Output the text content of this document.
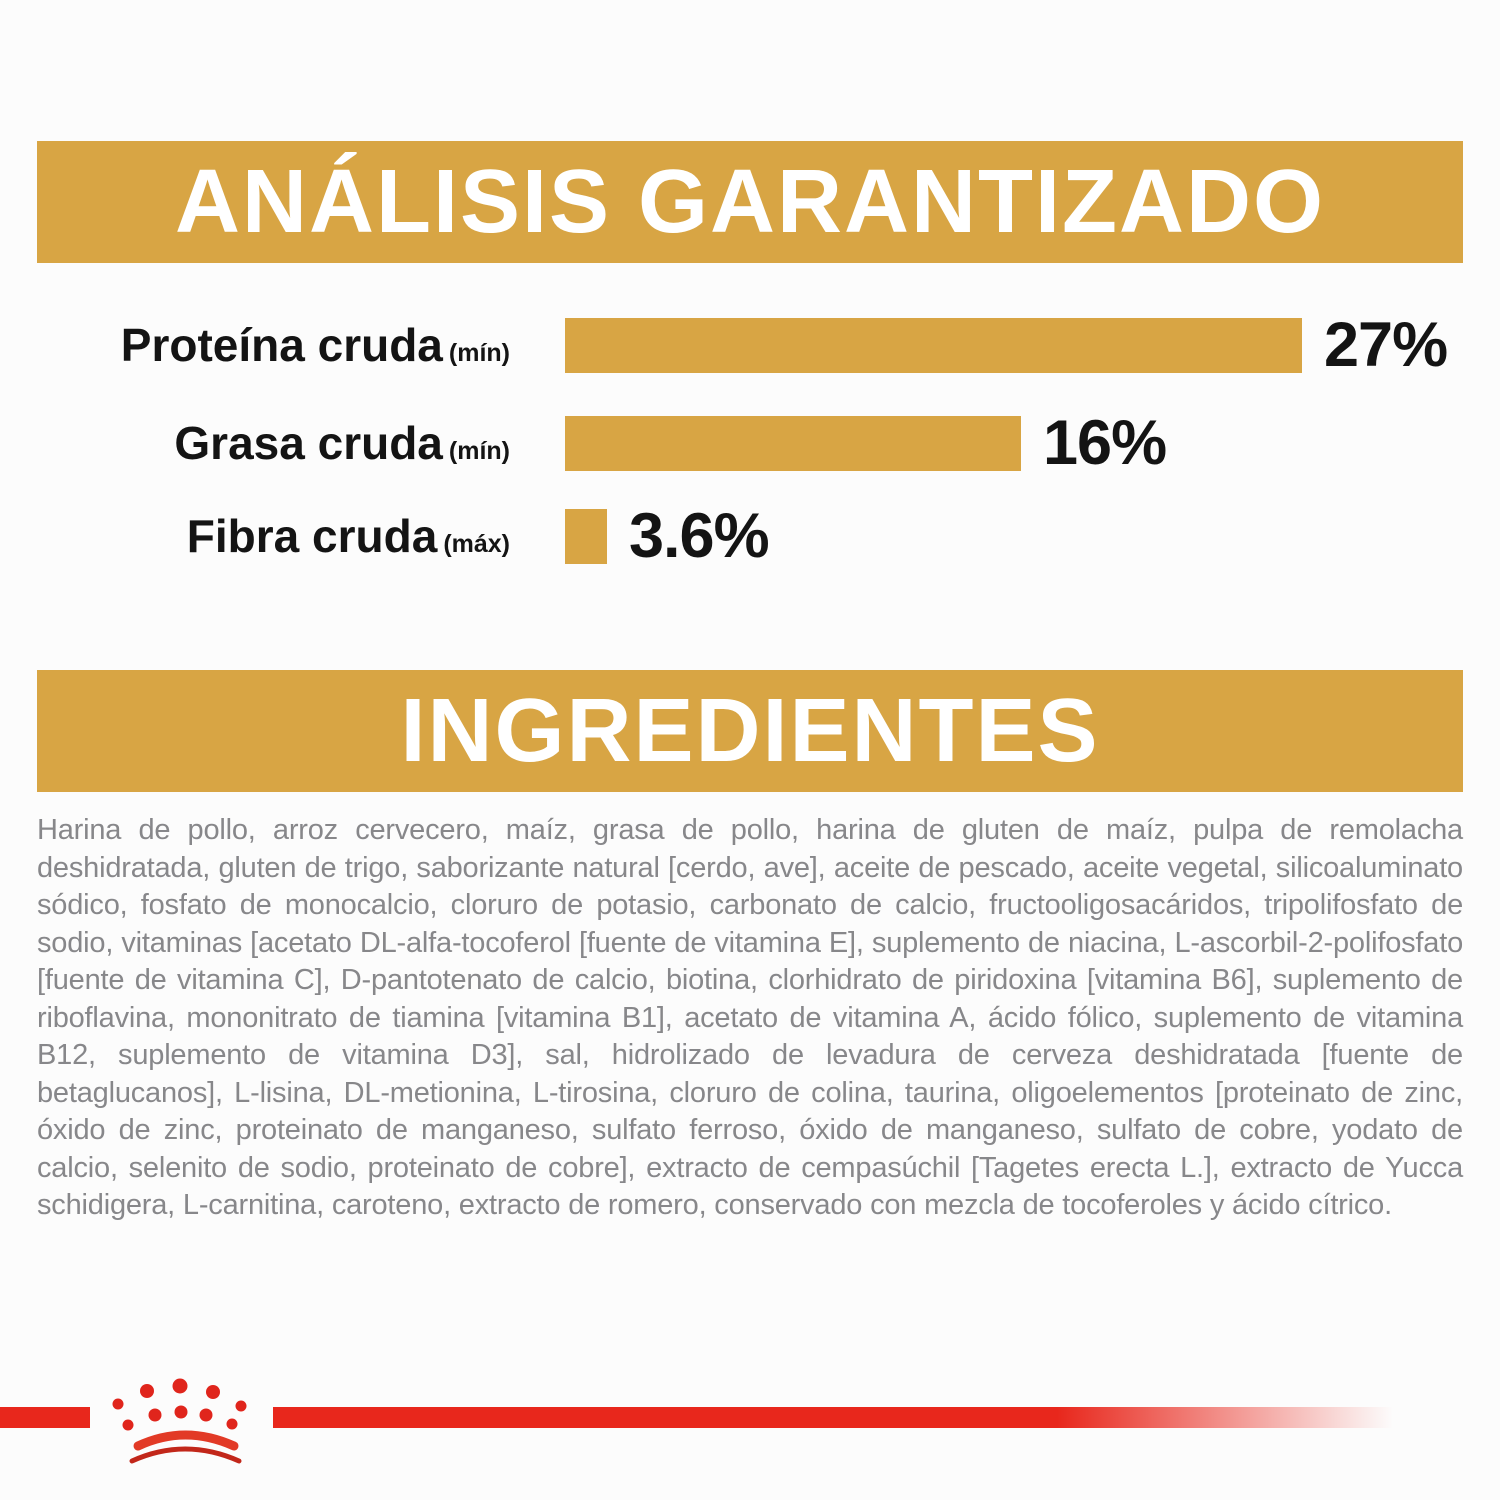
ANÁLISIS GARANTIZADO
Proteína cruda (mín)	27%
Grasa cruda (mín)	16%
Fibra cruda (máx) 3.6%
INGREDIENTES

Harina de pollo, arroz cervecero, maíz, grasa de pollo, harina de gluten de maíz, pulpa de remolacha deshidratada, gluten de trigo, saborizante natural [cerdo, ave], aceite de pescado, aceite vegetal, silicoaluminato sódico, fosfato de monocalcio, cloruro de potasio, carbonato de calcio, fructooligosacáridos, tripolifosfato de sodio, vitaminas [acetato DL-alfa-tocoferol [fuente de vitamina E], suplemento de niacina, L-ascorbil-2-polifosfato [fuente de vitamina C], D-pantotenato de calcio, biotina, clorhidrato de piridoxina [vitamina B6], suplemento de riboflavina, mononitrato de tiamina [vitamina B1], acetato de vitamina A, ácido fólico, suplemento de vitamina B12, suplemento de vitamina D3], sal, hidrolizado de levadura de cerveza deshidratada [fuente de betaglucanos], L-lisina, DL-metionina, L-tirosina, cloruro de colina, taurina, oligoelementos [proteinato de zinc, óxido de zinc, proteinato de manganeso, sulfato ferroso, óxido de manganeso, sulfato de cobre, yodato de calcio, selenito de sodio, proteinato de cobre], extracto de cempasúchil [Tagetes erecta L.], extracto de Yucca schidigera, L-carnitina, caroteno, extracto de romero, conservado con mezcla de tocoferoles y ácido cítrico.
